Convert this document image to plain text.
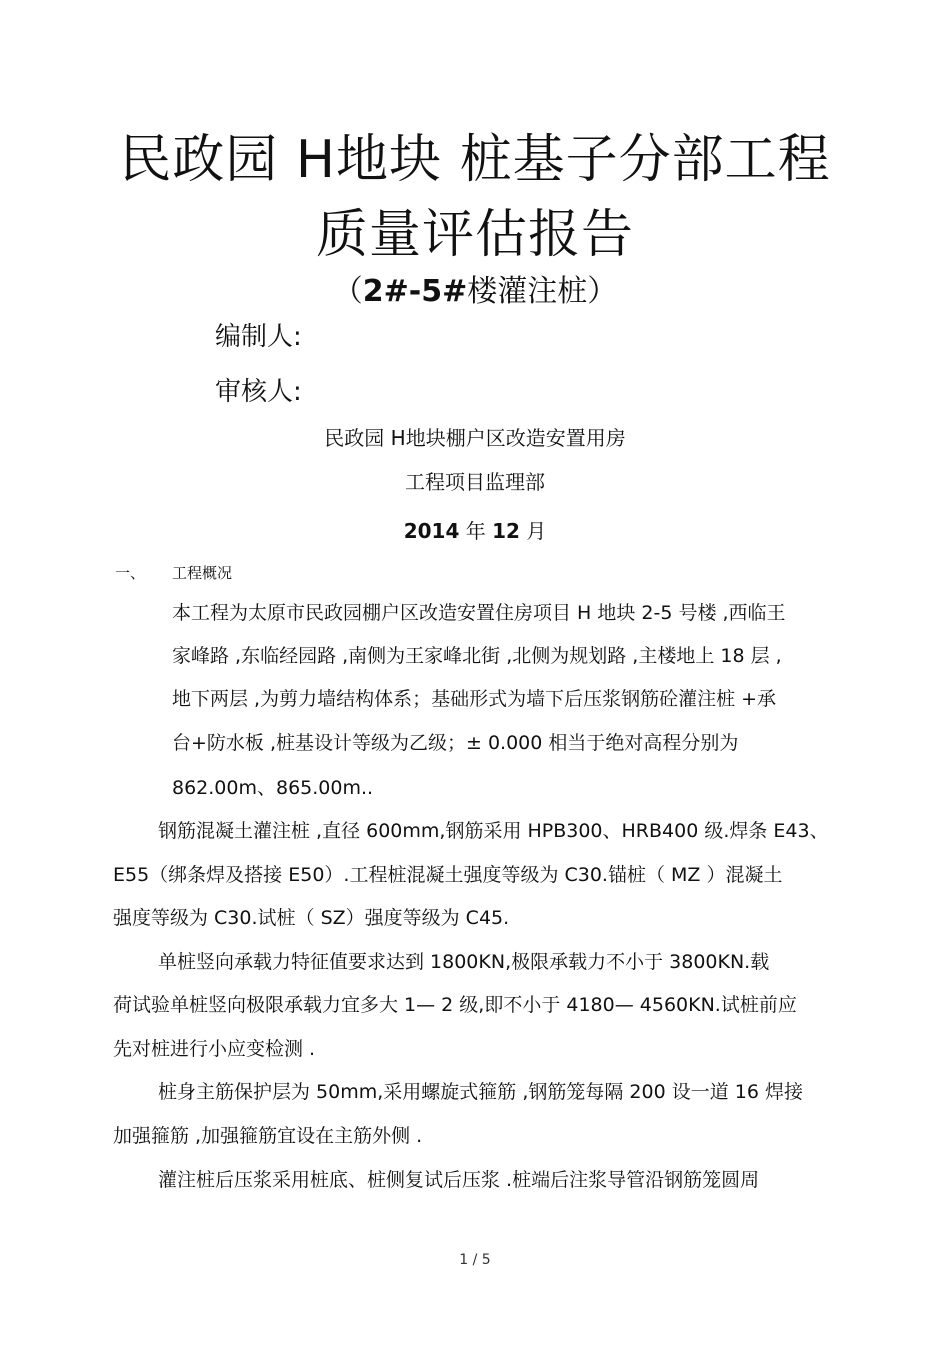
民政园 H地块 桩基子分部工程
质量评估报告
（2#-5#楼灌注桩）
编制人:
审核人:
民政园 H地块棚户区改造安置用房
工程项目监理部
2014 年 12 月
一、 工程概况
本工程为太原市民政园棚户区改造安置住房项目 H 地块 2-5 号楼 ,西临王
家峰路 ,东临经园路 ,南侧为王家峰北街 ,北侧为规划路 ,主楼地上 18 层 ,
地下两层 ,为剪力墙结构体系；基础形式为墙下后压浆钢筋砼灌注桩 +承
台+防水板 ,桩基设计等级为乙级；± 0.000 相当于绝对高程分别为
862.00m、865.00m..
钢筋混凝土灌注桩 ,直径 600mm,钢筋采用 HPB300、HRB400 级.焊条 E43、
E55（绑条焊及搭接 E50）.工程桩混凝土强度等级为 C30.锚桩（ MZ ）混凝土
强度等级为 C30.试桩（ SZ）强度等级为 C45.
单桩竖向承载力特征值要求达到 1800KN,极限承载力不小于 3800KN.载
荷试验单桩竖向极限承载力宜多大 1— 2 级,即不小于 4180— 4560KN.试桩前应
先对桩进行小应变检测 .
桩身主筋保护层为 50mm,采用螺旋式箍筋 ,钢筋笼每隔 200 设一道 16 焊接
加强箍筋 ,加强箍筋宜设在主筋外侧 .
灌注桩后压浆采用桩底、桩侧复试后压浆 .桩端后注浆导管沿钢筋笼圆周
1 / 5
